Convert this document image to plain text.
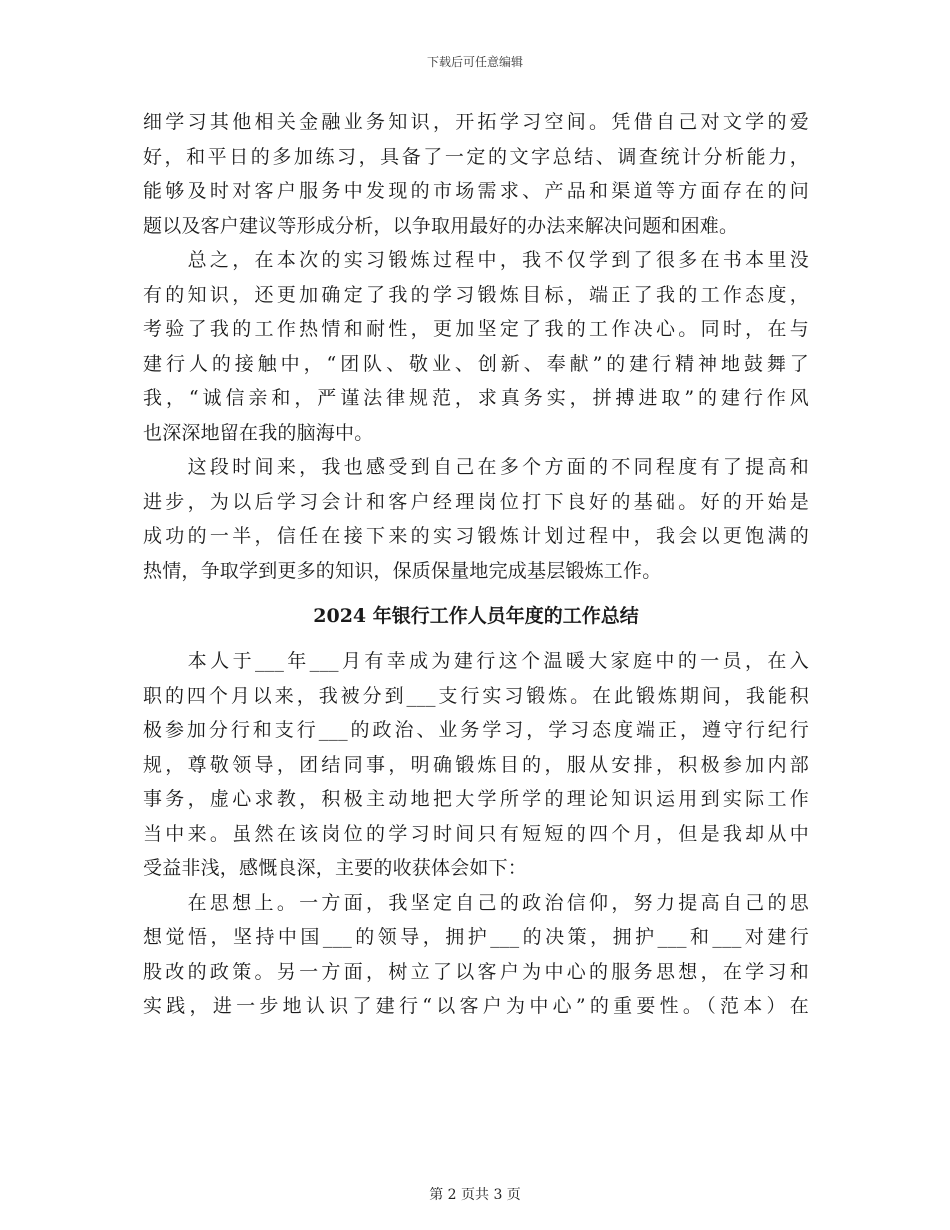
下载后可任意编辑
细学习其他相关金融业务知识，开拓学习空间。凭借自己对文学的爱
好，和平日的多加练习，具备了一定的文字总结、调查统计分析能力，
能够及时对客户服务中发现的市场需求、产品和渠道等方面存在的问
题以及客户建议等形成分析，以争取用最好的办法来解决问题和困难。
　　总之，在本次的实习锻炼过程中，我不仅学到了很多在书本里没
有的知识，还更加确定了我的学习锻炼目标，端正了我的工作态度，
考验了我的工作热情和耐性，更加坚定了我的工作决心。同时，在与
建行人的接触中，“团队、敬业、创新、奉献”的建行精神地鼓舞了
我，“诚信亲和，严谨法律规范，求真务实，拼搏进取”的建行作风
也深深地留在我的脑海中。
　　这段时间来，我也感受到自己在多个方面的不同程度有了提高和
进步，为以后学习会计和客户经理岗位打下良好的基础。好的开始是
成功的一半，信任在接下来的实习锻炼计划过程中，我会以更饱满的
热情，争取学到更多的知识，保质保量地完成基层锻炼工作。
2024 年银行工作人员年度的工作总结
　　本人于___年___月有幸成为建行这个温暖大家庭中的一员，在入
职的四个月以来，我被分到___支行实习锻炼。在此锻炼期间，我能积
极参加分行和支行___的政治、业务学习，学习态度端正，遵守行纪行
规，尊敬领导，团结同事，明确锻炼目的，服从安排，积极参加内部
事务，虚心求教，积极主动地把大学所学的理论知识运用到实际工作
当中来。虽然在该岗位的学习时间只有短短的四个月，但是我却从中
受益非浅，感慨良深，主要的收获体会如下：
　　在思想上。一方面，我坚定自己的政治信仰，努力提高自己的思
想觉悟，坚持中国___的领导，拥护___的决策，拥护___和___对建行
股改的政策。另一方面，树立了以客户为中心的服务思想，在学习和
实践，进一步地认识了建行“以客户为中心”的重要性。（范本）在
第 2 页共 3 页
